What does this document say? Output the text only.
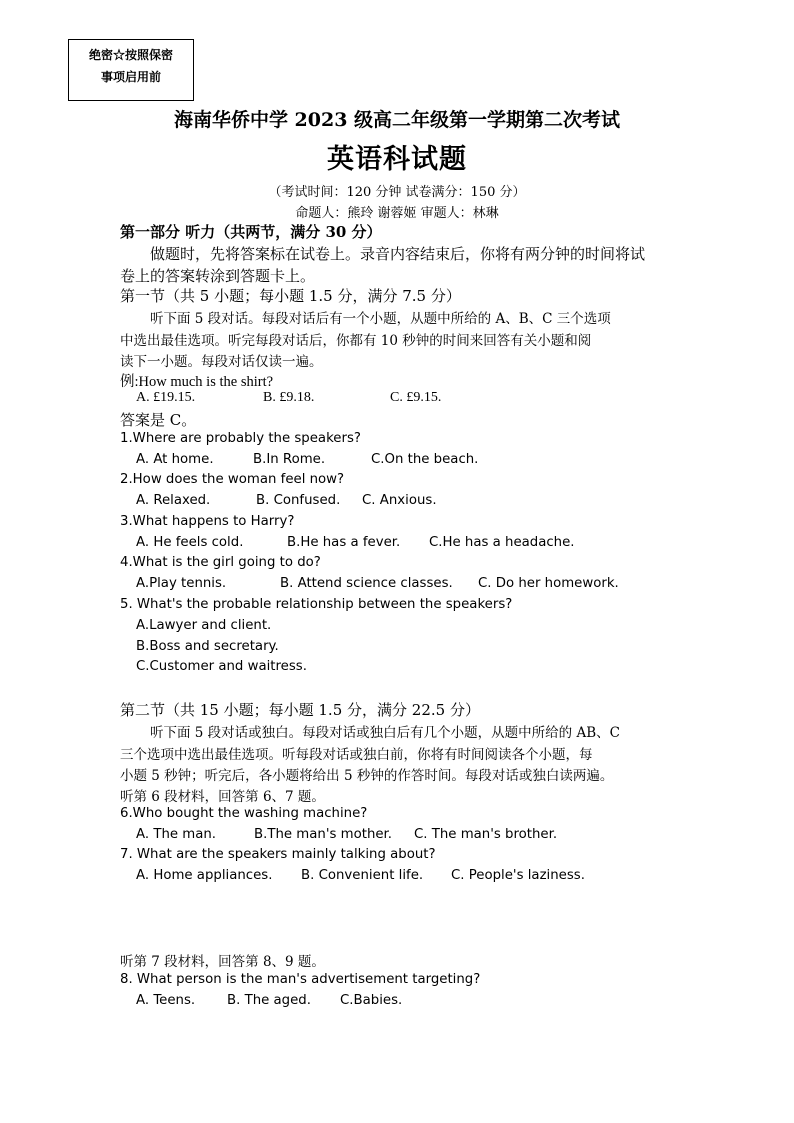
绝密☆按照保密
事项启用前
海南华侨中学 2023 级高二年级第一学期第二次考试
英语科试题
（考试时间：120 分钟 试卷满分：150 分）
命题人：熊玲 谢蓉姬 审题人：林琳
第一部分 听力（共两节，满分 30 分）
做题时，先将答案标在试卷上。录音内容结束后，你将有两分钟的时间将试
卷上的答案转涂到答题卡上。
第一节（共 5 小题；每小题 1.5 分，满分 7.5 分）
听下面 5 段对话。每段对话后有一个小题，从题中所给的 A、B、C 三个选项
中选出最佳选项。听完每段对话后，你都有 10 秒钟的时间来回答有关小题和阅
读下一小题。每段对话仅读一遍。
例:How much is the shirt?
A. £19.15.	B. £9.18.	C. £9.15.
答案是 C。
1.Where are probably the speakers?
A. At home.	B.In Rome.	C.On the beach.
2.How does the woman feel now?
A. Relaxed.	B. Confused. C. Anxious.
3.What happens to Harry?
A. He feels cold.	B.He has a fever. C.He has a headache.
4.What is the girl going to do?
A.Play tennis.	B. Attend science classes. C. Do her homework.
5. What's the probable relationship between the speakers?
A.Lawyer and client.
B.Boss and secretary.
C.Customer and waitress.
第二节（共 15 小题；每小题 1.5 分，满分 22.5 分）
听下面 5 段对话或独白。每段对话或独白后有几个小题，从题中所给的 AB、C
三个选项中选出最佳选项。听每段对话或独白前，你将有时间阅读各个小题，每
小题 5 秒钟；听完后，各小题将给出 5 秒钟的作答时间。每段对话或独白读两遍。
听第 6 段材料，回答第 6、7 题。
6.Who bought the washing machine?
A. The man.	B.The man's mother. C. The man's brother.
7. What are the speakers mainly talking about?
A. Home appliances. B. Convenient life. C. People's laziness.
听第 7 段材料，回答第 8、9 题。
8. What person is the man's advertisement targeting?
A. Teens. B. The aged. C.Babies.
